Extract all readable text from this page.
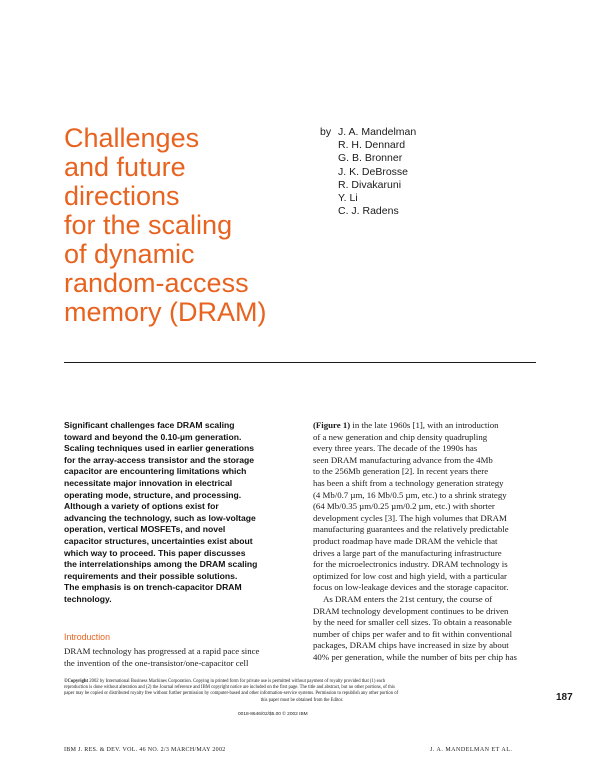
Challenges
and future
directions
for the scaling
of dynamic
random-access
memory (DRAM)
by J. A. Mandelman
R. H. Dennard
G. B. Bronner
J. K. DeBrosse
R. Divakaruni
Y. Li
C. J. Radens
Significant challenges face DRAM scaling
toward and beyond the 0.10-µm generation.
Scaling techniques used in earlier generations
for the array-access transistor and the storage
capacitor are encountering limitations which
necessitate major innovation in electrical
operating mode, structure, and processing.
Although a variety of options exist for
advancing the technology, such as low-voltage
operation, vertical MOSFETs, and novel
capacitor structures, uncertainties exist about
which way to proceed. This paper discusses
the interrelationships among the DRAM scaling
requirements and their possible solutions.
The emphasis is on trench-capacitor DRAM
technology.
Introduction
DRAM technology has progressed at a rapid pace since
the invention of the one-transistor/one-capacitor cell
(Figure 1) in the late 1960s [1], with an introduction
of a new generation and chip density quadrupling
every three years. The decade of the 1990s has
seen DRAM manufacturing advance from the 4Mb
to the 256Mb generation [2]. In recent years there
has been a shift from a technology generation strategy
(4 Mb/0.7 µm, 16 Mb/0.5 µm, etc.) to a shrink strategy
(64 Mb/0.35 µm/0.25 µm/0.2 µm, etc.) with shorter
development cycles [3]. The high volumes that DRAM
manufacturing guarantees and the relatively predictable
product roadmap have made DRAM the vehicle that
drives a large part of the manufacturing infrastructure
for the microelectronics industry. DRAM technology is
optimized for low cost and high yield, with a particular
focus on low-leakage devices and the storage capacitor.
As DRAM enters the 21st century, the course of
DRAM technology development continues to be driven
by the need for smaller cell sizes. To obtain a reasonable
number of chips per wafer and to fit within conventional
packages, DRAM chips have increased in size by about
40% per generation, while the number of bits per chip has
©Copyright 2002 by International Business Machines Corporation. Copying in printed form for private use is permitted without payment of royalty provided that (1) each
reproduction is done without alteration and (2) the Journal reference and IBM copyright notice are included on the first page. The title and abstract, but no other portions, of this
paper may be copied or distributed royalty free without further permission by computer-based and other information-service systems. Permission to republish any other portion of
this paper must be obtained from the Editor.	187
0018-8646/02/$5.00 © 2002 IBM
IBM J. RES. & DEV. VOL. 46 NO. 2/3 MARCH/MAY 2002	J. A. MANDELMAN ET AL.
